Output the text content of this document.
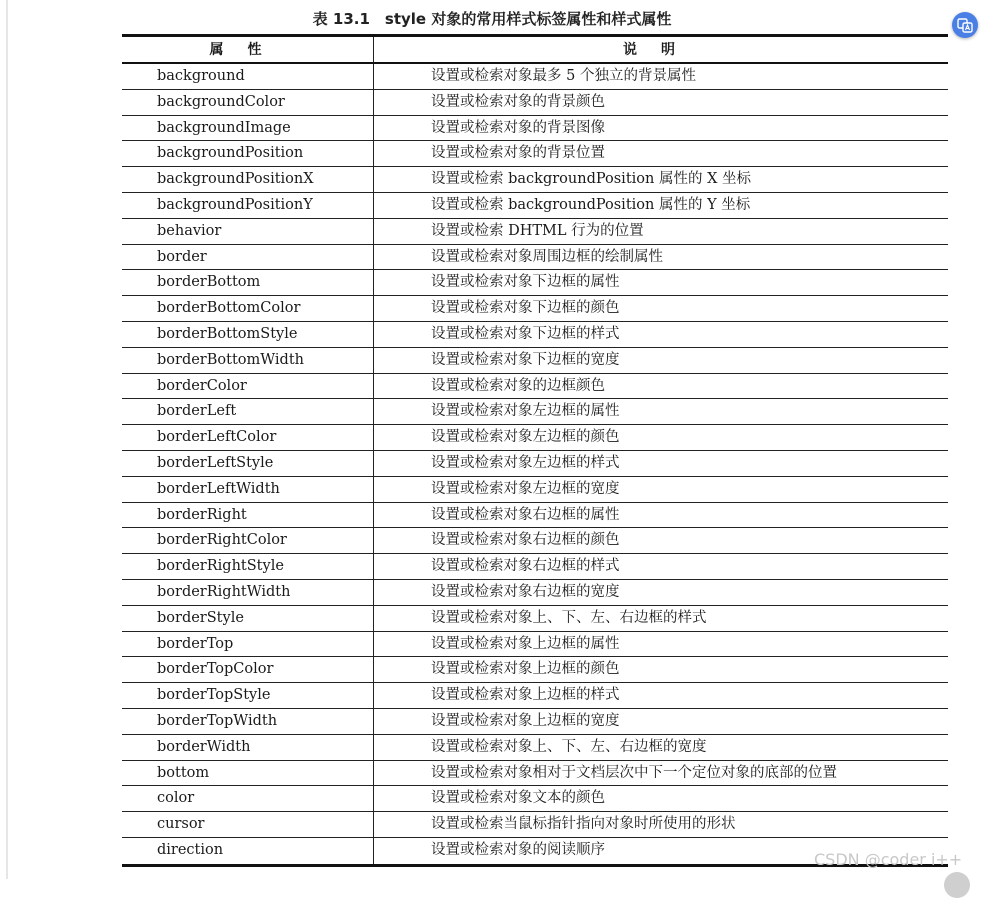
表 13.1　style 对象的常用样式标签属性和样式属性
属性	说明
background	设置或检索对象最多 5 个独立的背景属性
backgroundColor	设置或检索对象的背景颜色
backgroundImage	设置或检索对象的背景图像
backgroundPosition	设置或检索对象的背景位置
backgroundPositionX	设置或检索 backgroundPosition 属性的 X 坐标
backgroundPositionY	设置或检索 backgroundPosition 属性的 Y 坐标
behavior	设置或检索 DHTML 行为的位置
border	设置或检索对象周围边框的绘制属性
borderBottom	设置或检索对象下边框的属性
borderBottomColor	设置或检索对象下边框的颜色
borderBottomStyle	设置或检索对象下边框的样式
borderBottomWidth	设置或检索对象下边框的宽度
borderColor	设置或检索对象的边框颜色
borderLeft	设置或检索对象左边框的属性
borderLeftColor	设置或检索对象左边框的颜色
borderLeftStyle	设置或检索对象左边框的样式
borderLeftWidth	设置或检索对象左边框的宽度
borderRight	设置或检索对象右边框的属性
borderRightColor	设置或检索对象右边框的颜色
borderRightStyle	设置或检索对象右边框的样式
borderRightWidth	设置或检索对象右边框的宽度
borderStyle	设置或检索对象上、下、左、右边框的样式
borderTop	设置或检索对象上边框的属性
borderTopColor	设置或检索对象上边框的颜色
borderTopStyle	设置或检索对象上边框的样式
borderTopWidth	设置或检索对象上边框的宽度
borderWidth	设置或检索对象上、下、左、右边框的宽度
bottom	设置或检索对象相对于文档层次中下一个定位对象的底部的位置
color	设置或检索对象文本的颜色
cursor	设置或检索当鼠标指针指向对象时所使用的形状
direction	设置或检索对象的阅读顺序
CSDN @coder i++
